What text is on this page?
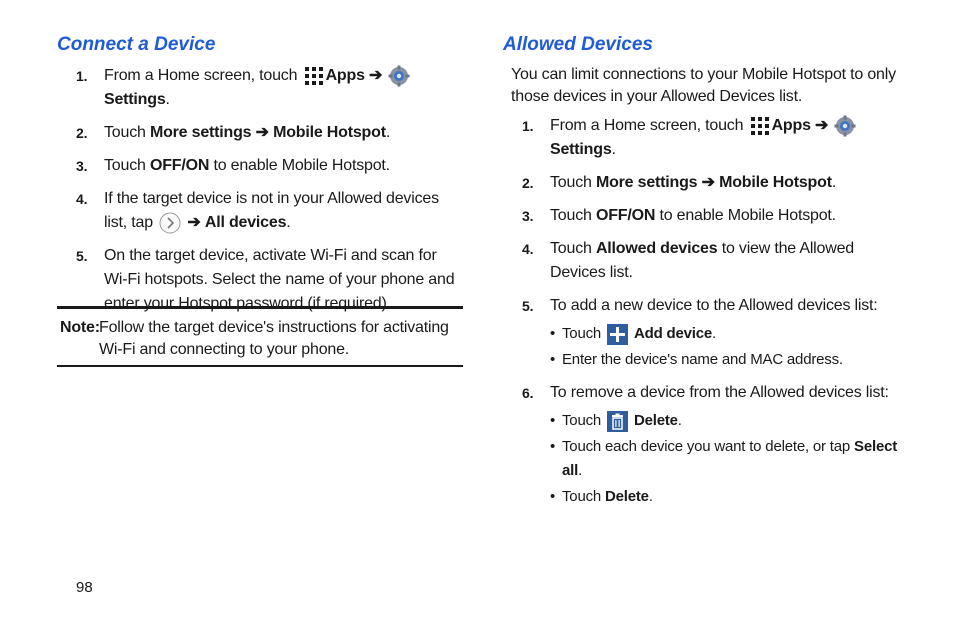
Connect a Device
1. From a Home screen, touch Apps ➔ Settings.
2. Touch More settings ➔ Mobile Hotspot.
3. Touch OFF/ON to enable Mobile Hotspot.
4. If the target device is not in your Allowed devices list, tap ➔ All devices.
5. On the target device, activate Wi-Fi and scan for Wi-Fi hotspots. Select the name of your phone and enter your Hotspot password (if required).
Note: Follow the target device's instructions for activating Wi-Fi and connecting to your phone.
Allowed Devices

You can limit connections to your Mobile Hotspot to only those devices in your Allowed Devices list.

1. From a Home screen, touch Apps ➔ Settings.
2. Touch More settings ➔ Mobile Hotspot.
3. Touch OFF/ON to enable Mobile Hotspot.
4. Touch Allowed devices to view the Allowed Devices list.
5. To add a new device to the Allowed devices list:
• Touch Add device.
• Enter the device's name and MAC address.
6. To remove a device from the Allowed devices list:
• Touch Delete.
• Touch each device you want to delete, or tap Select all.
• Touch Delete.
98
